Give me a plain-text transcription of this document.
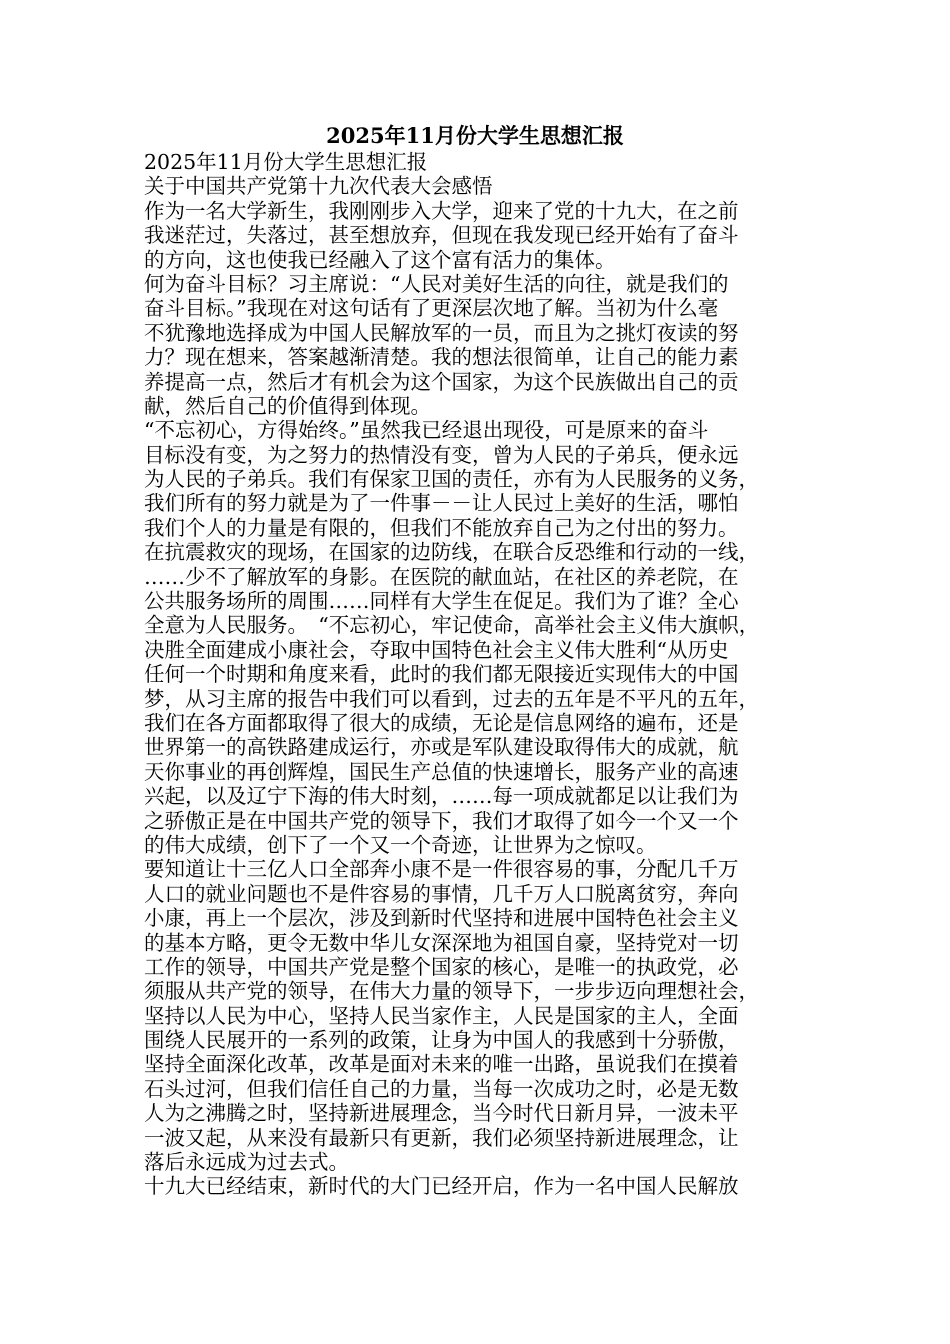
2025年11月份大学生思想汇报
2025年11月份大学生思想汇报
关于中国共产党第十九次代表大会感悟
作为一名大学新生，我刚刚步入大学，迎来了党的十九大，在之前
我迷茫过，失落过，甚至想放弃，但现在我发现已经开始有了奋斗
的方向，这也使我已经融入了这个富有活力的集体。
何为奋斗目标？习主席说：“人民对美好生活的向往，就是我们的
奋斗目标。”我现在对这句话有了更深层次地了解。当初为什么毫
不犹豫地选择成为中国人民解放军的一员，而且为之挑灯夜读的努
力？现在想来，答案越渐清楚。我的想法很简单，让自己的能力素
养提高一点，然后才有机会为这个国家，为这个民族做出自己的贡
献，然后自己的价值得到体现。
“不忘初心，方得始终。”虽然我已经退出现役，可是原来的奋斗
目标没有变，为之努力的热情没有变，曾为人民的子弟兵，便永远
为人民的子弟兵。我们有保家卫国的责任，亦有为人民服务的义务，
我们所有的努力就是为了一件事－－让人民过上美好的生活，哪怕
我们个人的力量是有限的，但我们不能放弃自己为之付出的努力。
在抗震救灾的现场，在国家的边防线，在联合反恐维和行动的一线，
……少不了解放军的身影。在医院的献血站，在社区的养老院，在
公共服务场所的周围……同样有大学生在促足。我们为了谁？全心
全意为人民服务。　“不忘初心，牢记使命，高举社会主义伟大旗帜，
决胜全面建成小康社会，夺取中国特色社会主义伟大胜利“从历史
任何一个时期和角度来看，此时的我们都无限接近实现伟大的中国
梦，从习主席的报告中我们可以看到，过去的五年是不平凡的五年，
我们在各方面都取得了很大的成绩，无论是信息网络的遍布，还是
世界第一的高铁路建成运行，亦或是军队建设取得伟大的成就，航
天你事业的再创辉煌，国民生产总值的快速增长，服务产业的高速
兴起，以及辽宁下海的伟大时刻，……每一项成就都足以让我们为
之骄傲正是在中国共产党的领导下，我们才取得了如今一个又一个
的伟大成绩，创下了一个又一个奇迹，让世界为之惊叹。
要知道让十三亿人口全部奔小康不是一件很容易的事，分配几千万
人口的就业问题也不是件容易的事情，几千万人口脱离贫穷，奔向
小康，再上一个层次，涉及到新时代坚持和进展中国特色社会主义
的基本方略，更令无数中华儿女深深地为祖国自豪，坚持党对一切
工作的领导，中国共产党是整个国家的核心，是唯一的执政党，必
须服从共产党的领导，在伟大力量的领导下，一步步迈向理想社会，
坚持以人民为中心，坚持人民当家作主，人民是国家的主人，全面
围绕人民展开的一系列的政策，让身为中国人的我感到十分骄傲，
坚持全面深化改革，改革是面对未来的唯一出路，虽说我们在摸着
石头过河，但我们信任自己的力量，当每一次成功之时，必是无数
人为之沸腾之时，坚持新进展理念，当今时代日新月异，一波未平
一波又起，从来没有最新只有更新，我们必须坚持新进展理念，让
落后永远成为过去式。
十九大已经结束，新时代的大门已经开启，作为一名中国人民解放
